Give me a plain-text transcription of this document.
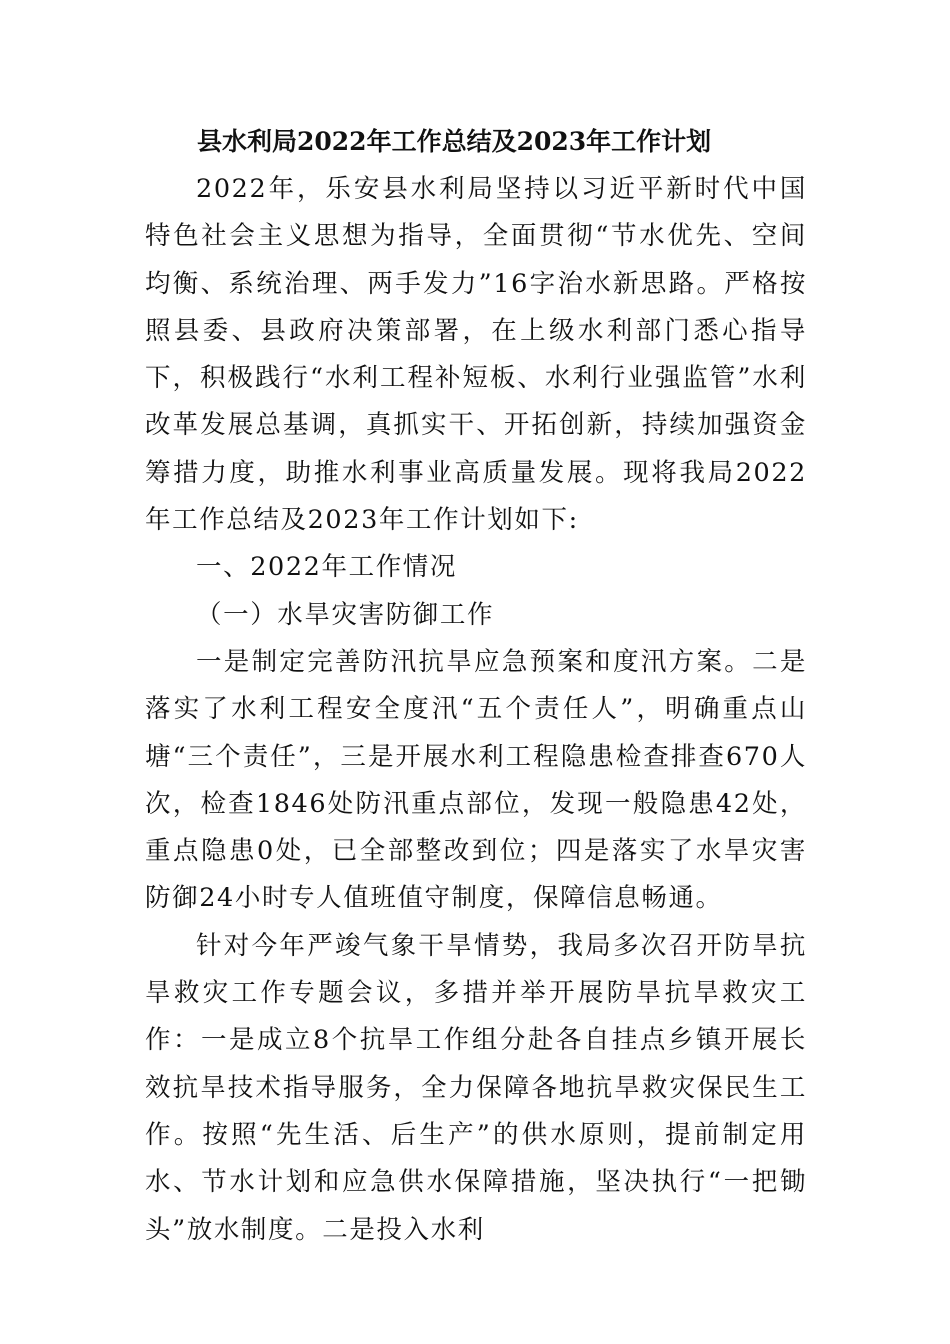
县水利局2022年工作总结及2023年工作计划

2022年，乐安县水利局坚持以习近平新时代中国特色社会主义思想为指导，全面贯彻“节水优先、空间均衡、系统治理、两手发力”16字治水新思路。严格按照县委、县政府决策部署，在上级水利部门悉心指导下，积极践行“水利工程补短板、水利行业强监管”水利改革发展总基调，真抓实干、开拓创新，持续加强资金筹措力度，助推水利事业高质量发展。现将我局2022年工作总结及2023年工作计划如下:

一、2022年工作情况

（一）水旱灾害防御工作

一是制定完善防汛抗旱应急预案和度汛方案。二是落实了水利工程安全度汛“五个责任人”，明确重点山塘“三个责任”，三是开展水利工程隐患检查排查670人次，检查1846处防汛重点部位，发现一般隐患42处，重点隐患0处，已全部整改到位；四是落实了水旱灾害防御24小时专人值班值守制度，保障信息畅通。

针对今年严竣气象干旱情势，我局多次召开防旱抗旱救灾工作专题会议，多措并举开展防旱抗旱救灾工作：一是成立8个抗旱工作组分赴各自挂点乡镇开展长效抗旱技术指导服务，全力保障各地抗旱救灾保民生工作。按照“先生活、后生产”的供水原则，提前制定用水、节水计划和应急供水保障措施，坚决执行“一把锄头”放水制度。二是投入水利
